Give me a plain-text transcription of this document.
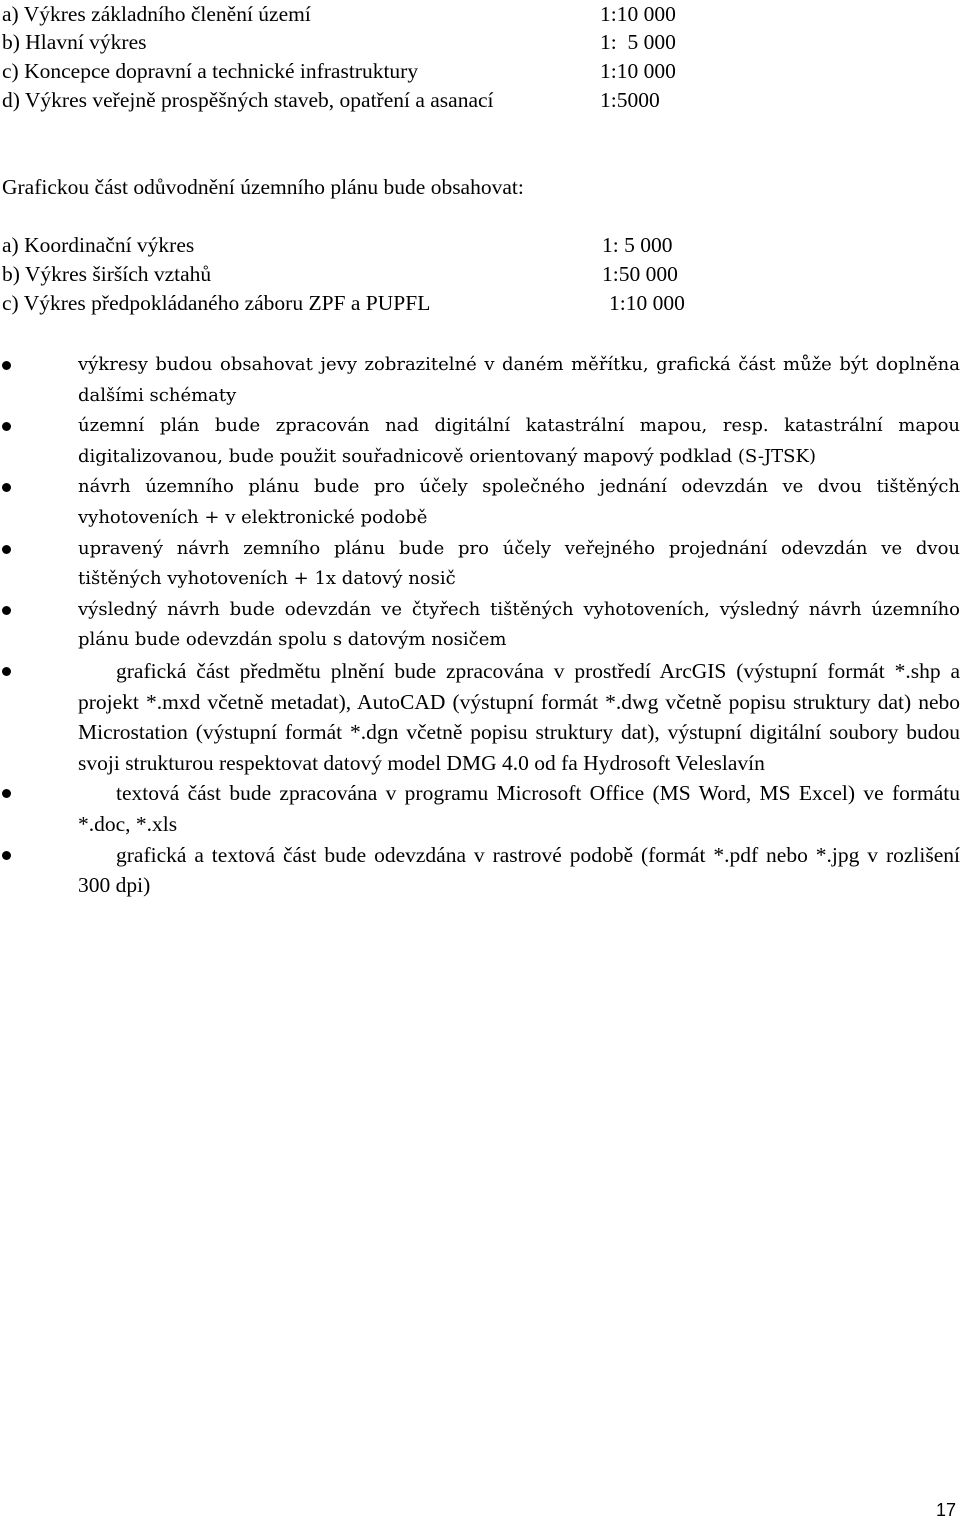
a) Výkres základního členění území	1:10 000
b) Hlavní výkres	1:  5 000
c) Koncepce dopravní a technické infrastruktury	1:10 000
d) Výkres veřejně prospěšných staveb, opatření a asanací	1:5000
Grafickou část odůvodnění územního plánu bude obsahovat:
a) Koordinační výkres	1: 5 000
b) Výkres širších vztahů	1:50 000
c) Výkres předpokládaného záboru ZPF a PUPFL	1:10 000
výkresy budou obsahovat jevy zobrazitelné v daném měřítku, grafická část může být doplněna dalšími schématy
územní plán bude zpracován nad digitální katastrální mapou, resp. katastrální mapou digitalizovanou, bude použit souřadnicově orientovaný mapový podklad (S-JTSK)
návrh územního plánu bude pro účely společného jednání odevzdán ve dvou tištěných vyhotoveních + v elektronické podobě
upravený návrh zemního plánu bude pro účely veřejného projednání odevzdán ve dvou tištěných vyhotoveních + 1x datový nosič
výsledný návrh bude odevzdán ve čtyřech tištěných vyhotoveních, výsledný návrh územního plánu bude odevzdán spolu s datovým nosičem
grafická část předmětu plnění bude zpracována v prostředí ArcGIS (výstupní formát *.shp a projekt *.mxd včetně metadat), AutoCAD (výstupní formát *.dwg včetně popisu struktury dat) nebo Microstation (výstupní formát *.dgn včetně popisu struktury dat), výstupní digitální soubory budou svoji strukturou respektovat datový model DMG 4.0 od fa Hydrosoft Veleslavín
textová část bude zpracována v programu Microsoft Office (MS Word, MS Excel) ve formátu *.doc, *.xls
grafická a textová část bude odevzdána v rastrové podobě (formát *.pdf nebo *.jpg v rozlišení 300 dpi)
17
